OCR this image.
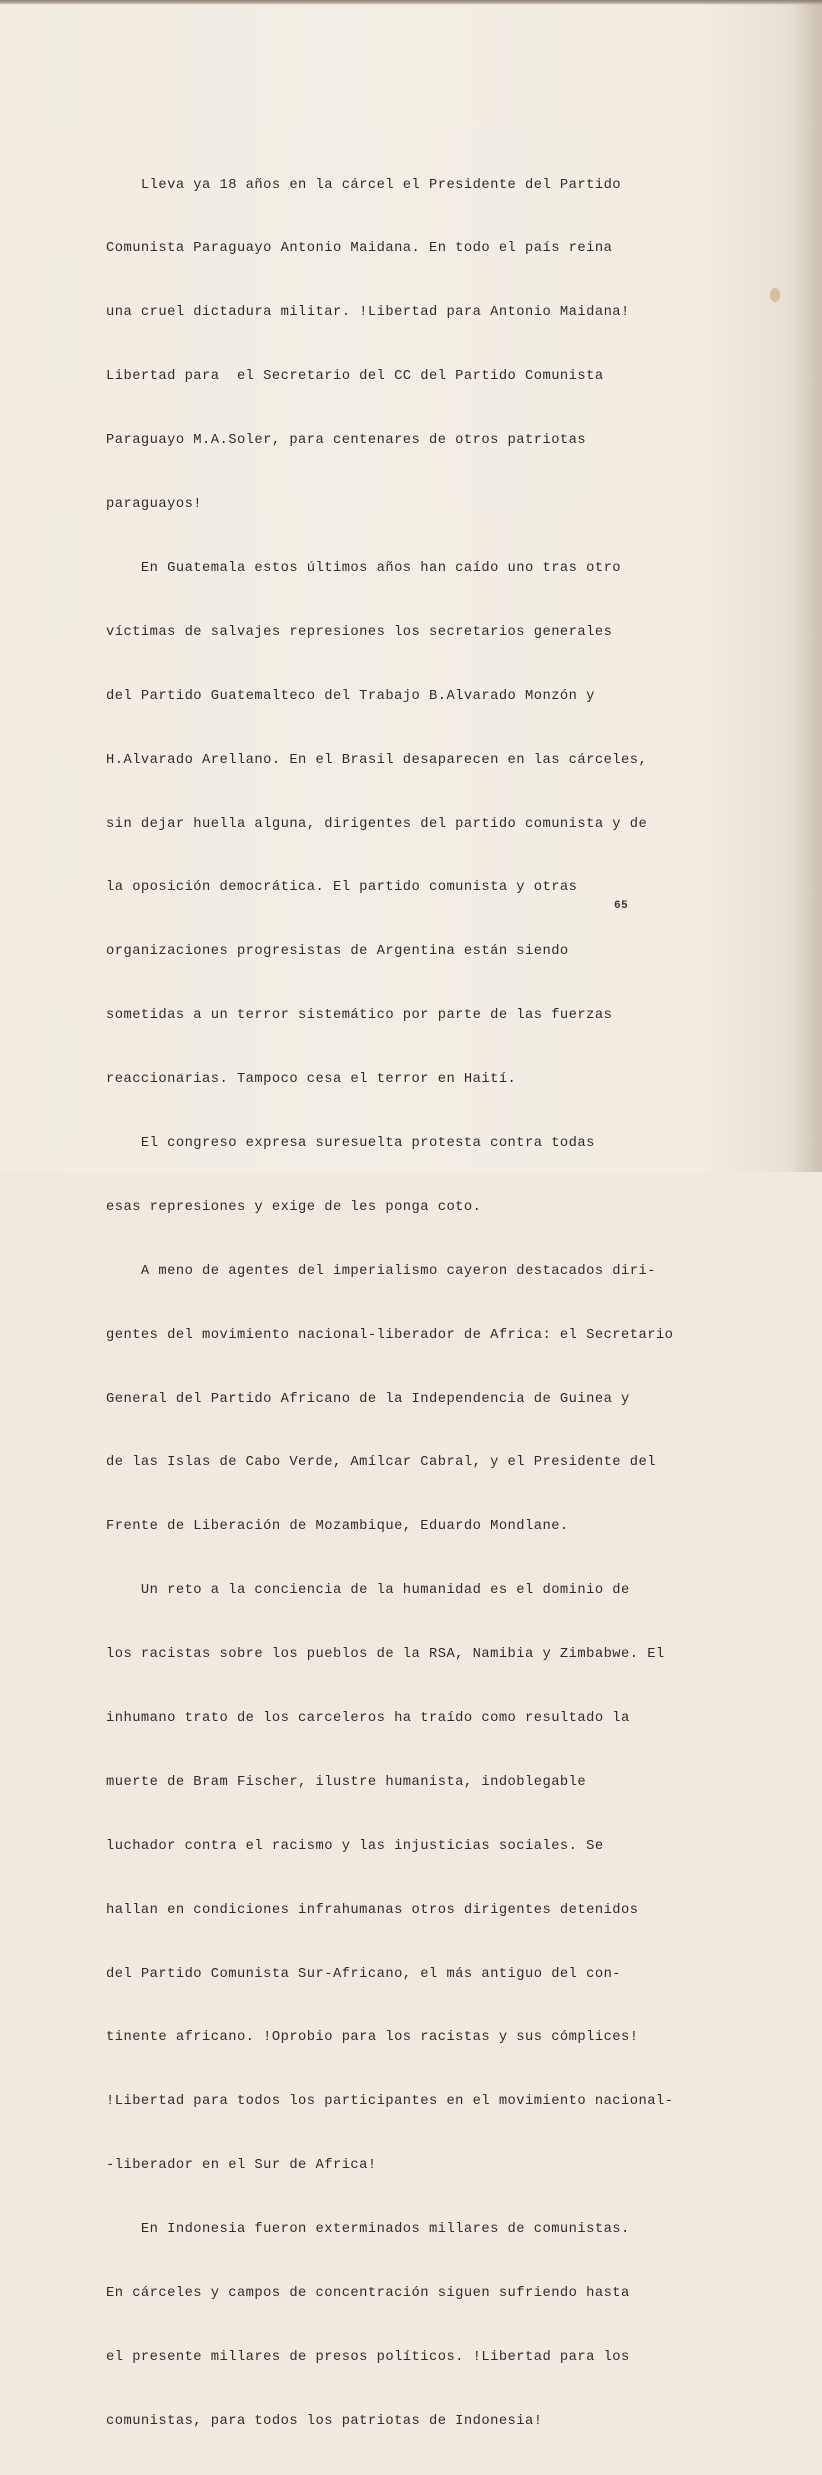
Lleva ya 18 años en la cárcel el Presidente del Partido

Comunista Paraguayo Antonio Maidana. En todo el país reina

una cruel dictadura militar. !Libertad para Antonio Maidana!

Libertad para  el Secretario del CC del Partido Comunista

Paraguayo M.A.Soler, para centenares de otros patriotas

paraguayos!

En Guatemala estos últimos años han caído uno tras otro

víctimas de salvajes represiones los secretarios generales

del Partido Guatemalteco del Trabajo B.Alvarado Monzón y

H.Alvarado Arellano. En el Brasil desaparecen en las cárceles,

sin dejar huella alguna, dirigentes del partido comunista y de

la oposición democrática. El partido comunista y otras

organizaciones progresistas de Argentina están siendo

sometidas a un terror sistemático por parte de las fuerzas

reaccionarias. Tampoco cesa el terror en Haití.

El congreso expresa suresuelta protesta contra todas

esas represiones y exige de les ponga coto.

A meno de agentes del imperialismo cayeron destacados diri-

gentes del movimiento nacional-liberador de Africa: el Secretario

General del Partido Africano de la Independencia de Guinea y

de las Islas de Cabo Verde, Amílcar Cabral, y el Presidente del

Frente de Liberación de Mozambique, Eduardo Mondlane.

Un reto a la conciencia de la humanidad es el dominio de

los racistas sobre los pueblos de la RSA, Namibia y Zimbabwe. El

inhumano trato de los carceleros ha traído como resultado la

muerte de Bram Fischer, ilustre humanista, indoblegable

luchador contra el racismo y las injusticias sociales. Se

hallan en condiciones infrahumanas otros dirigentes detenidos

del Partido Comunista Sur-Africano, el más antiguo del con-

tinente africano. !Oprobio para los racistas y sus cómplices!

!Libertad para todos los participantes en el movimiento nacional-

-liberador en el Sur de Africa!

En Indonesia fueron exterminados millares de comunistas.

En cárceles y campos de concentración siguen sufriendo hasta

el presente millares de presos políticos. !Libertad para los

comunistas, para todos los patriotas de Indonesia!

65
